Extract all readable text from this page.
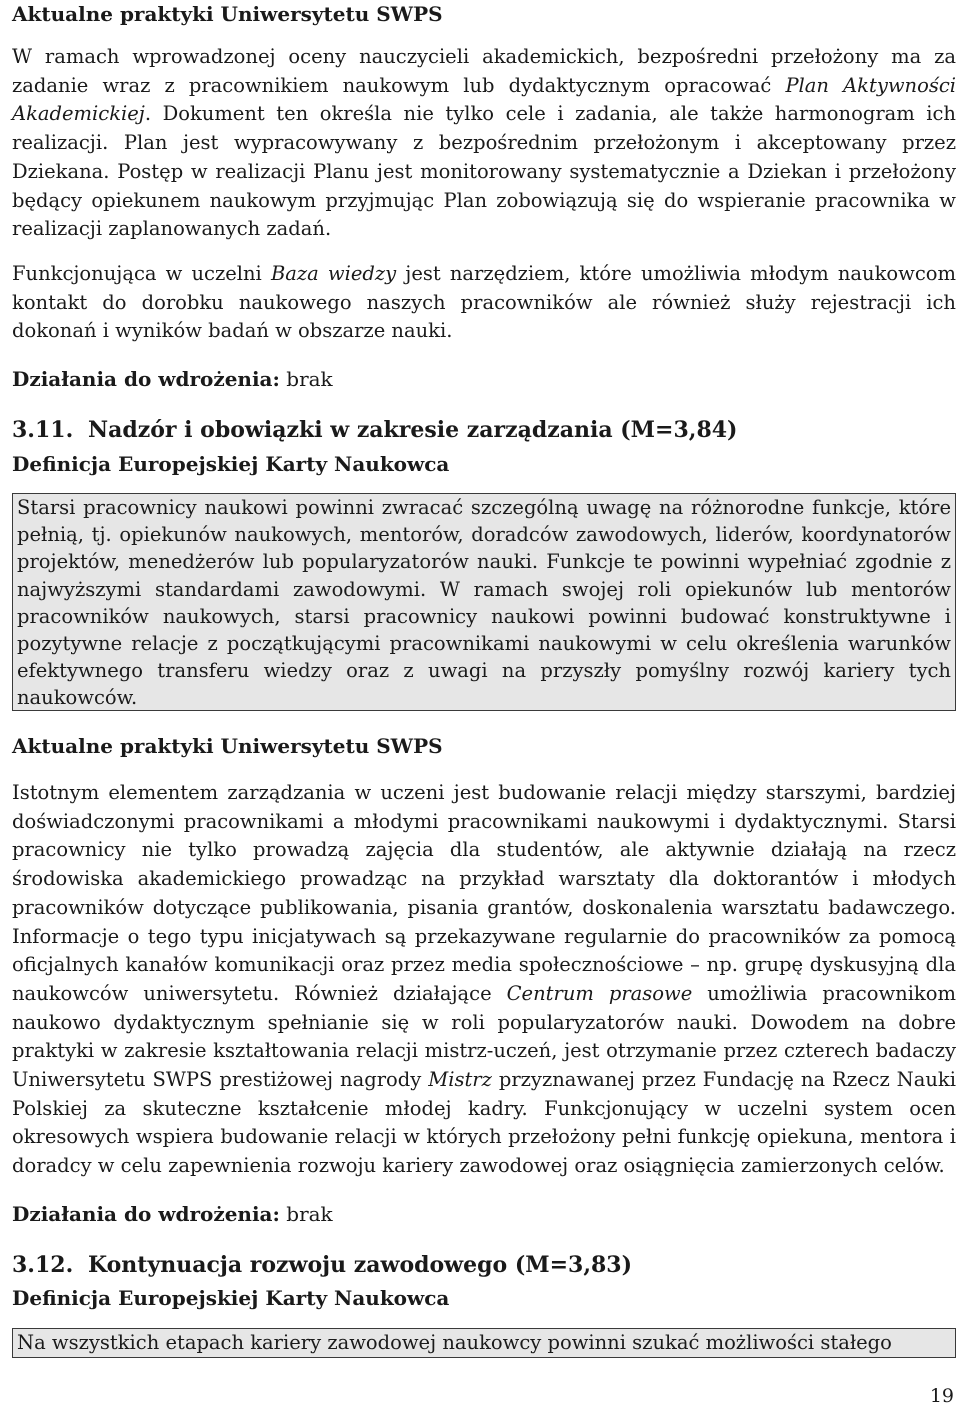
Aktualne praktyki Uniwersytetu SWPS

W ramach wprowadzonej oceny nauczycieli akademickich, bezpośredni przełożony ma za zadanie wraz z pracownikiem naukowym lub dydaktycznym opracować Plan Aktywności Akademickiej. Dokument ten określa nie tylko cele i zadania, ale także harmonogram ich realizacji. Plan jest wypracowywany z bezpośrednim przełożonym i akceptowany przez Dziekana. Postęp w realizacji Planu jest monitorowany systematycznie a Dziekan i przełożony będący opiekunem naukowym przyjmując Plan zobowiązują się do wspieranie pracownika w realizacji zaplanowanych zadań.

Funkcjonująca w uczelni Baza wiedzy jest narzędziem, które umożliwia młodym naukowcom kontakt do dorobku naukowego naszych pracowników ale również służy rejestracji ich dokonań i wyników badań w obszarze nauki.

Działania do wdrożenia: brak
3.11. Nadzór i obowiązki w zakresie zarządzania (M=3,84)
Definicja Europejskiej Karty Naukowca
Starsi pracownicy naukowi powinni zwracać szczególną uwagę na różnorodne funkcje, które pełnią, tj. opiekunów naukowych, mentorów, doradców zawodowych, liderów, koordynatorów projektów, menedżerów lub popularyzatorów nauki. Funkcje te powinni wypełniać zgodnie z najwyższymi standardami zawodowymi. W ramach swojej roli opiekunów lub mentorów pracowników naukowych, starsi pracownicy naukowi powinni budować konstruktywne i pozytywne relacje z początkującymi pracownikami naukowymi w celu określenia warunków efektywnego transferu wiedzy oraz z uwagi na przyszły pomyślny rozwój kariery tych naukowców.
Aktualne praktyki Uniwersytetu SWPS

Istotnym elementem zarządzania w uczeni jest budowanie relacji między starszymi, bardziej doświadczonymi pracownikami a młodymi pracownikami naukowymi i dydaktycznymi. Starsi pracownicy nie tylko prowadzą zajęcia dla studentów, ale aktywnie działają na rzecz środowiska akademickiego prowadząc na przykład warsztaty dla doktorantów i młodych pracowników dotyczące publikowania, pisania grantów, doskonalenia warsztatu badawczego. Informacje o tego typu inicjatywach są przekazywane regularnie do pracowników za pomocą oficjalnych kanałów komunikacji oraz przez media społecznościowe – np. grupę dyskusyjną dla naukowców uniwersytetu. Również działające Centrum prasowe umożliwia pracownikom naukowo dydaktycznym spełnianie się w roli popularyzatorów nauki. Dowodem na dobre praktyki w zakresie kształtowania relacji mistrz-uczeń, jest otrzymanie przez czterech badaczy Uniwersytetu SWPS prestiżowej nagrody Mistrz przyznawanej przez Fundację na Rzecz Nauki Polskiej za skuteczne kształcenie młodej kadry. Funkcjonujący w uczelni system ocen okresowych wspiera budowanie relacji w których przełożony pełni funkcję opiekuna, mentora i doradcy w celu zapewnienia rozwoju kariery zawodowej oraz osiągnięcia zamierzonych celów.

Działania do wdrożenia: brak
3.12. Kontynuacja rozwoju zawodowego (M=3,83)
Definicja Europejskiej Karty Naukowca
Na wszystkich etapach kariery zawodowej naukowcy powinni szukać możliwości stałego
19
